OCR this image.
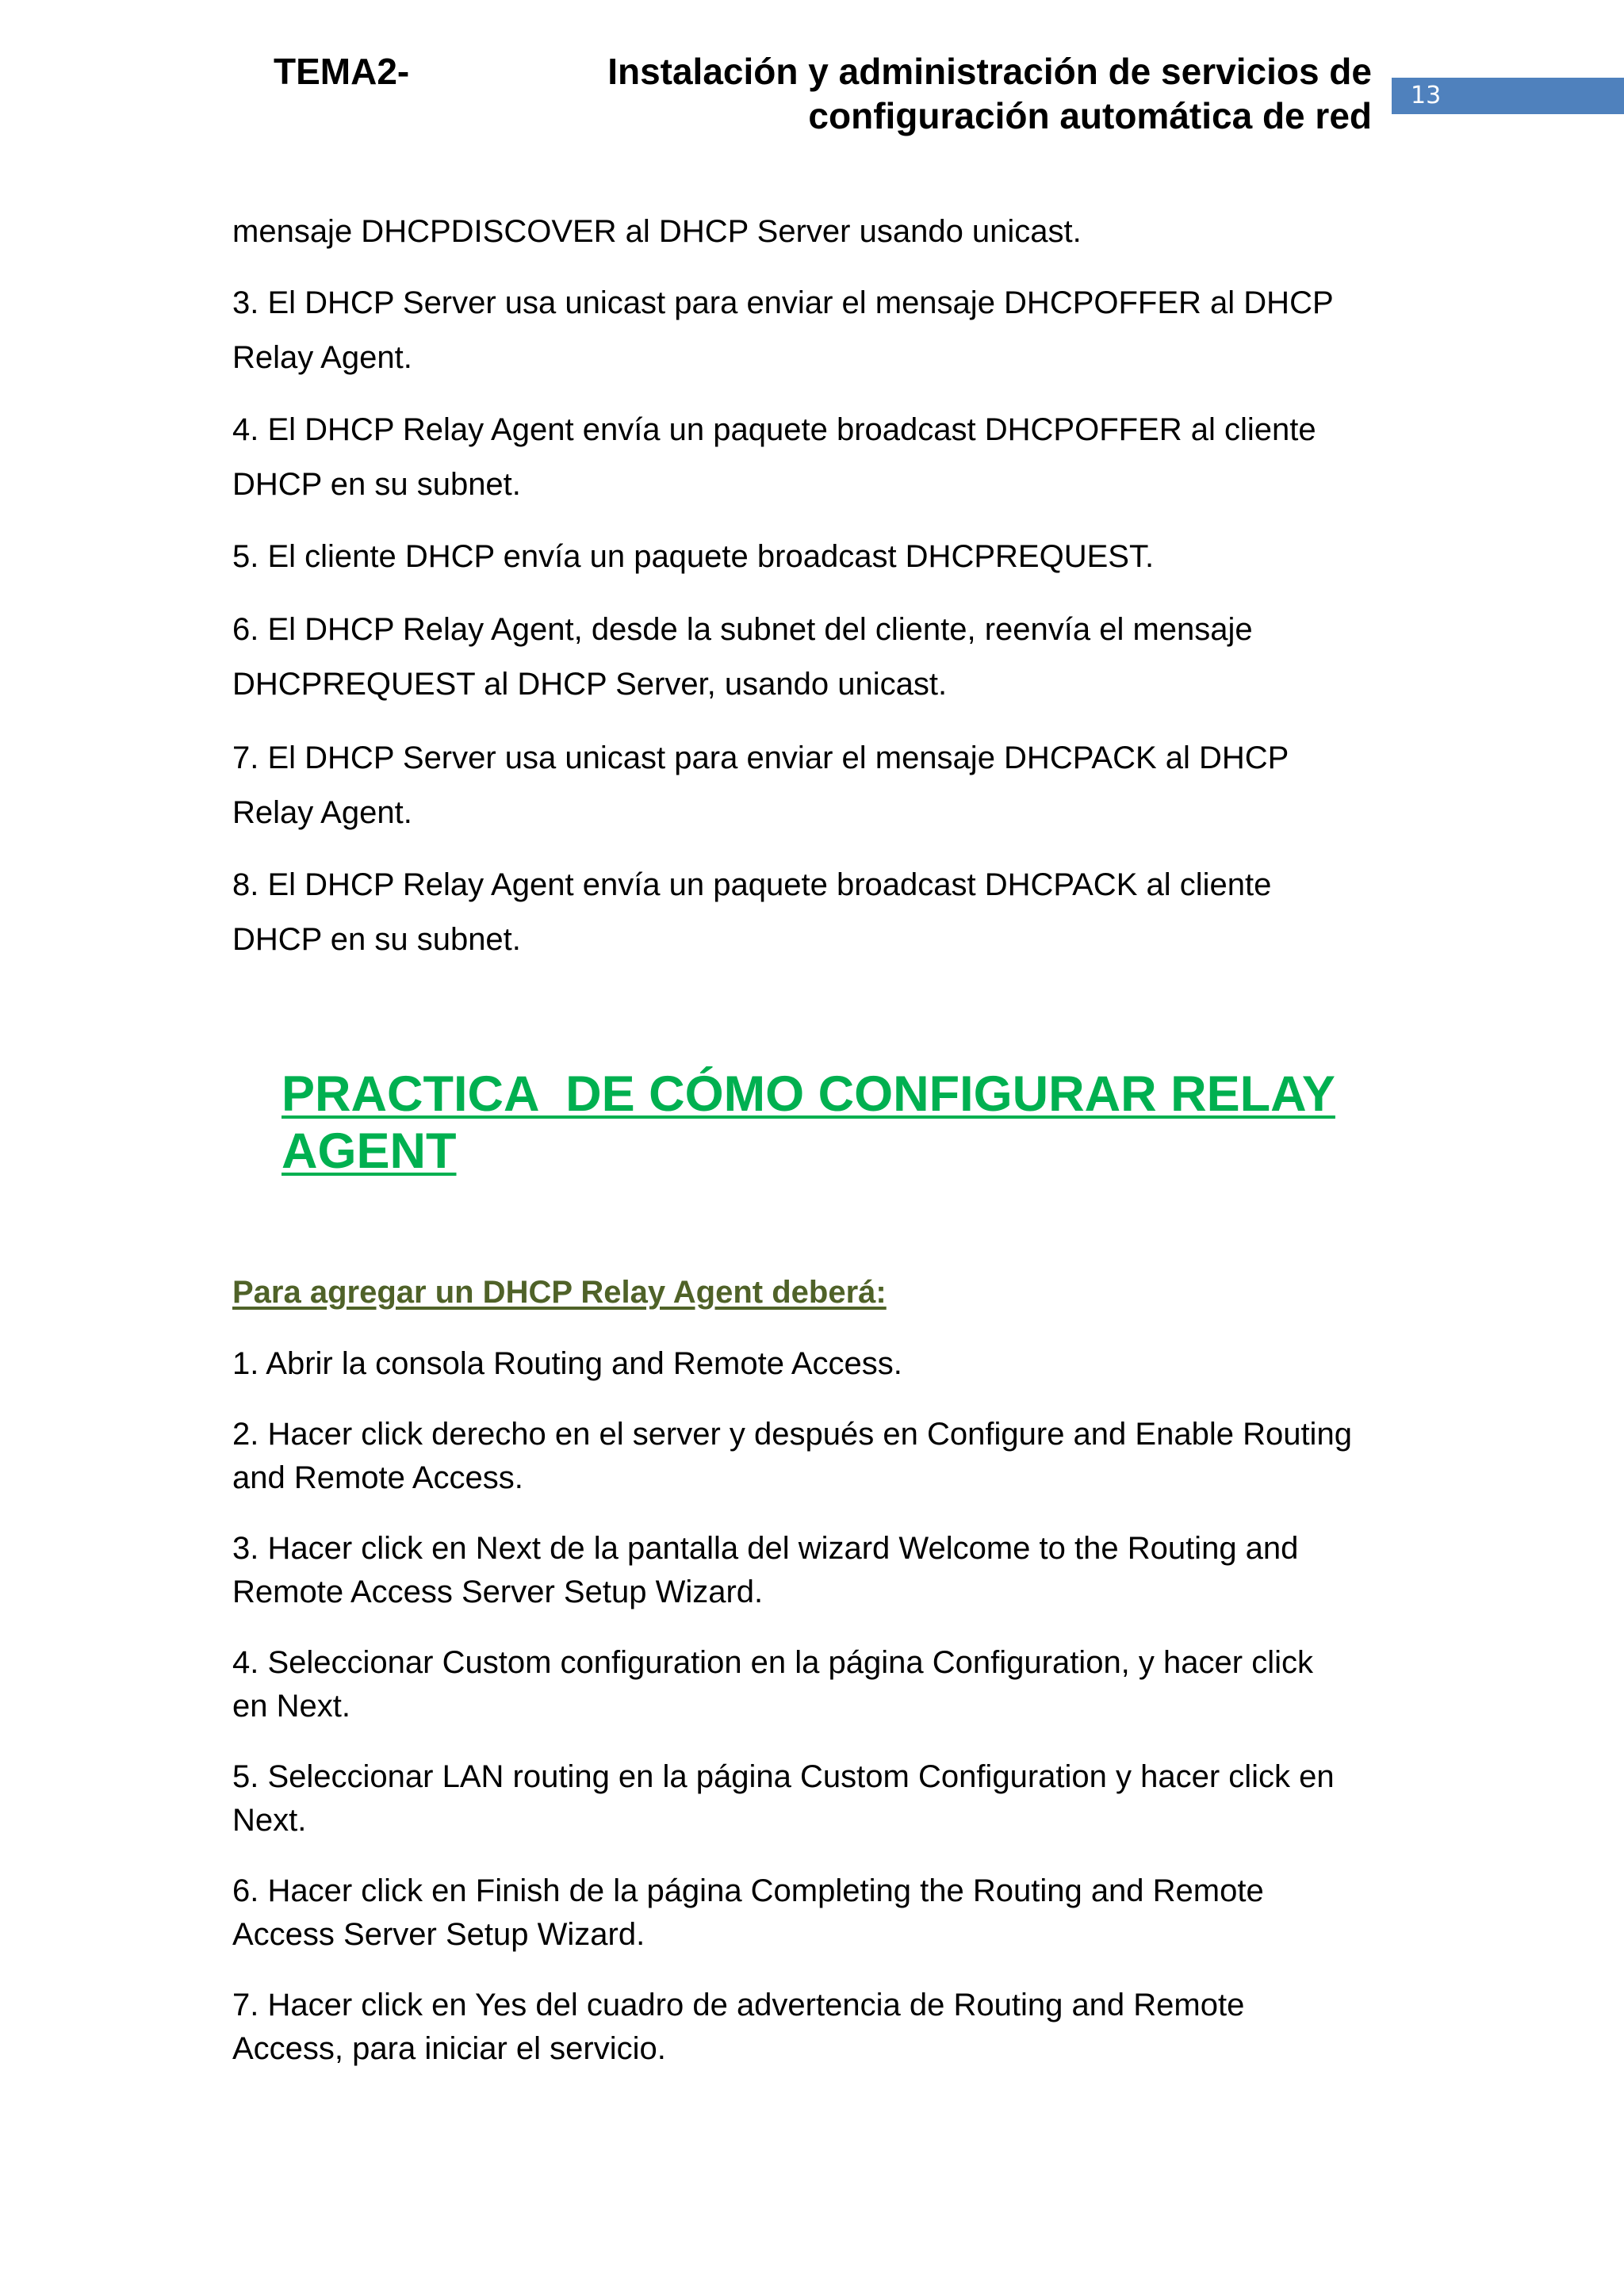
TEMA2-	Instalación y administración de servicios de
configuración automática de red	13
mensaje DHCPDISCOVER al DHCP Server usando unicast.
3. El DHCP Server usa unicast para enviar el mensaje DHCPOFFER al DHCP
Relay Agent.
4. El DHCP Relay Agent envía un paquete broadcast DHCPOFFER al cliente
DHCP en su subnet.
5. El cliente DHCP envía un paquete broadcast DHCPREQUEST.
6. El DHCP Relay Agent, desde la subnet del cliente, reenvía el mensaje
DHCPREQUEST al DHCP Server, usando unicast.
7. El DHCP Server usa unicast para enviar el mensaje DHCPACK al DHCP
Relay Agent.
8. El DHCP Relay Agent envía un paquete broadcast DHCPACK al cliente
DHCP en su subnet.
PRACTICA  DE CÓMO CONFIGURAR RELAY
AGENT
Para agregar un DHCP Relay Agent deberá:
1. Abrir la consola Routing and Remote Access.
2. Hacer click derecho en el server y después en Configure and Enable Routing
and Remote Access.
3. Hacer click en Next de la pantalla del wizard Welcome to the Routing and
Remote Access Server Setup Wizard.
4. Seleccionar Custom configuration en la página Configuration, y hacer click
en Next.
5. Seleccionar LAN routing en la página Custom Configuration y hacer click en
Next.
6. Hacer click en Finish de la página Completing the Routing and Remote
Access Server Setup Wizard.
7. Hacer click en Yes del cuadro de advertencia de Routing and Remote
Access, para iniciar el servicio.
